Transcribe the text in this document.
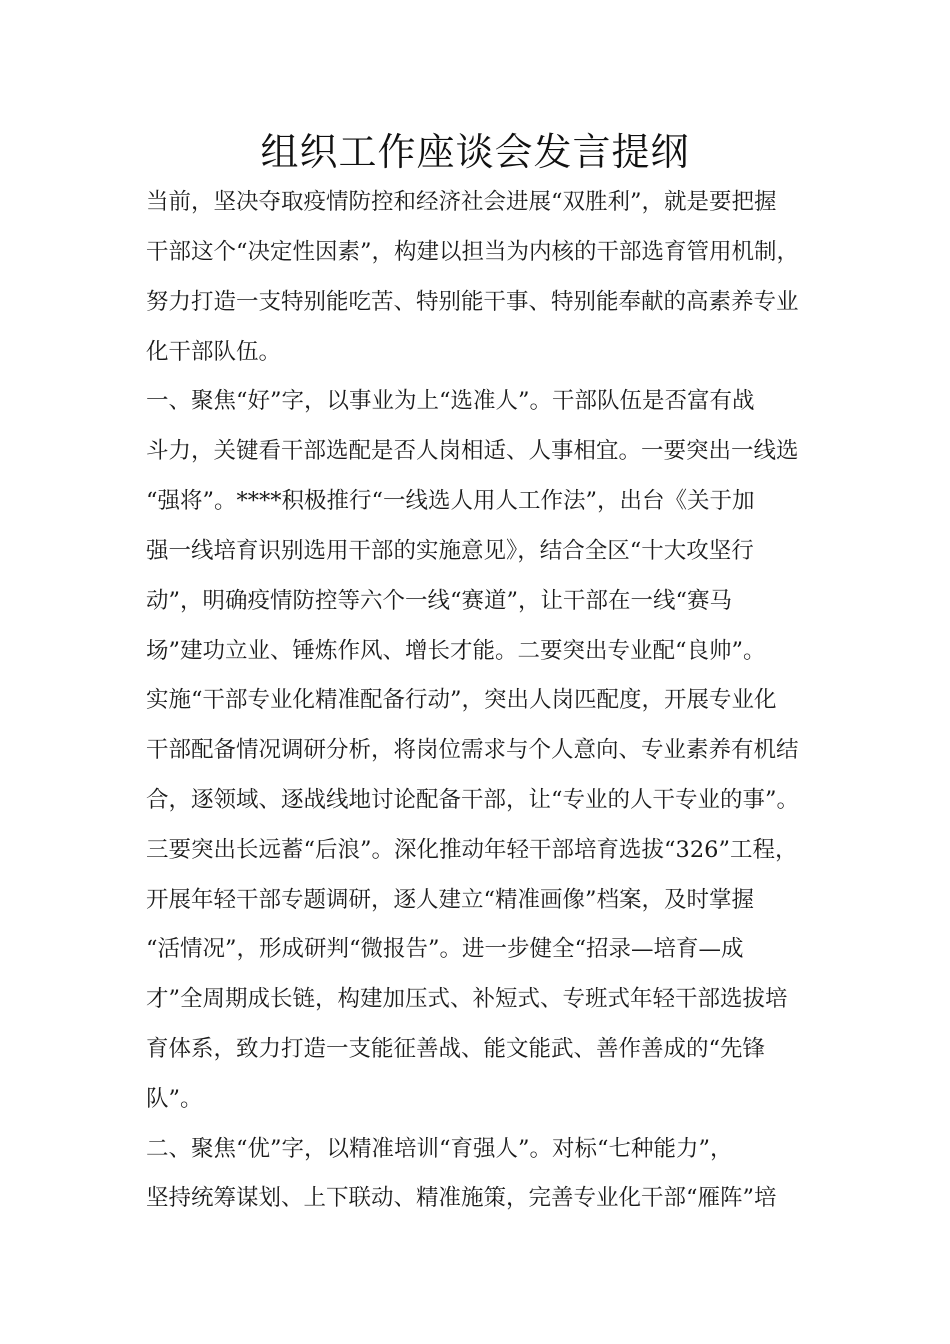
组织工作座谈会发言提纲
当前，坚决夺取疫情防控和经济社会进展“双胜利”，就是要把握
干部这个“决定性因素”，构建以担当为内核的干部选育管用机制，
努力打造一支特别能吃苦、特别能干事、特别能奉献的高素养专业
化干部队伍。
一、聚焦“好”字，以事业为上“选准人”。干部队伍是否富有战
斗力，关键看干部选配是否人岗相适、人事相宜。一要突出一线选
“强将”。****积极推行“一线选人用人工作法”，出台《关于加
强一线培育识别选用干部的实施意见》，结合全区“十大攻坚行
动”，明确疫情防控等六个一线“赛道”，让干部在一线“赛马
场”建功立业、锤炼作风、增长才能。二要突出专业配“良帅”。
实施“干部专业化精准配备行动”，突出人岗匹配度，开展专业化
干部配备情况调研分析，将岗位需求与个人意向、专业素养有机结
合，逐领域、逐战线地讨论配备干部，让“专业的人干专业的事”。
三要突出长远蓄“后浪”。深化推动年轻干部培育选拔“326”工程，
开展年轻干部专题调研，逐人建立“精准画像”档案，及时掌握
“活情况”，形成研判“微报告”。进一步健全“招录—培育—成
才”全周期成长链，构建加压式、补短式、专班式年轻干部选拔培
育体系，致力打造一支能征善战、能文能武、善作善成的“先锋
队”。
二、聚焦“优”字，以精准培训“育强人”。对标“七种能力”，
坚持统筹谋划、上下联动、精准施策，完善专业化干部“雁阵”培
